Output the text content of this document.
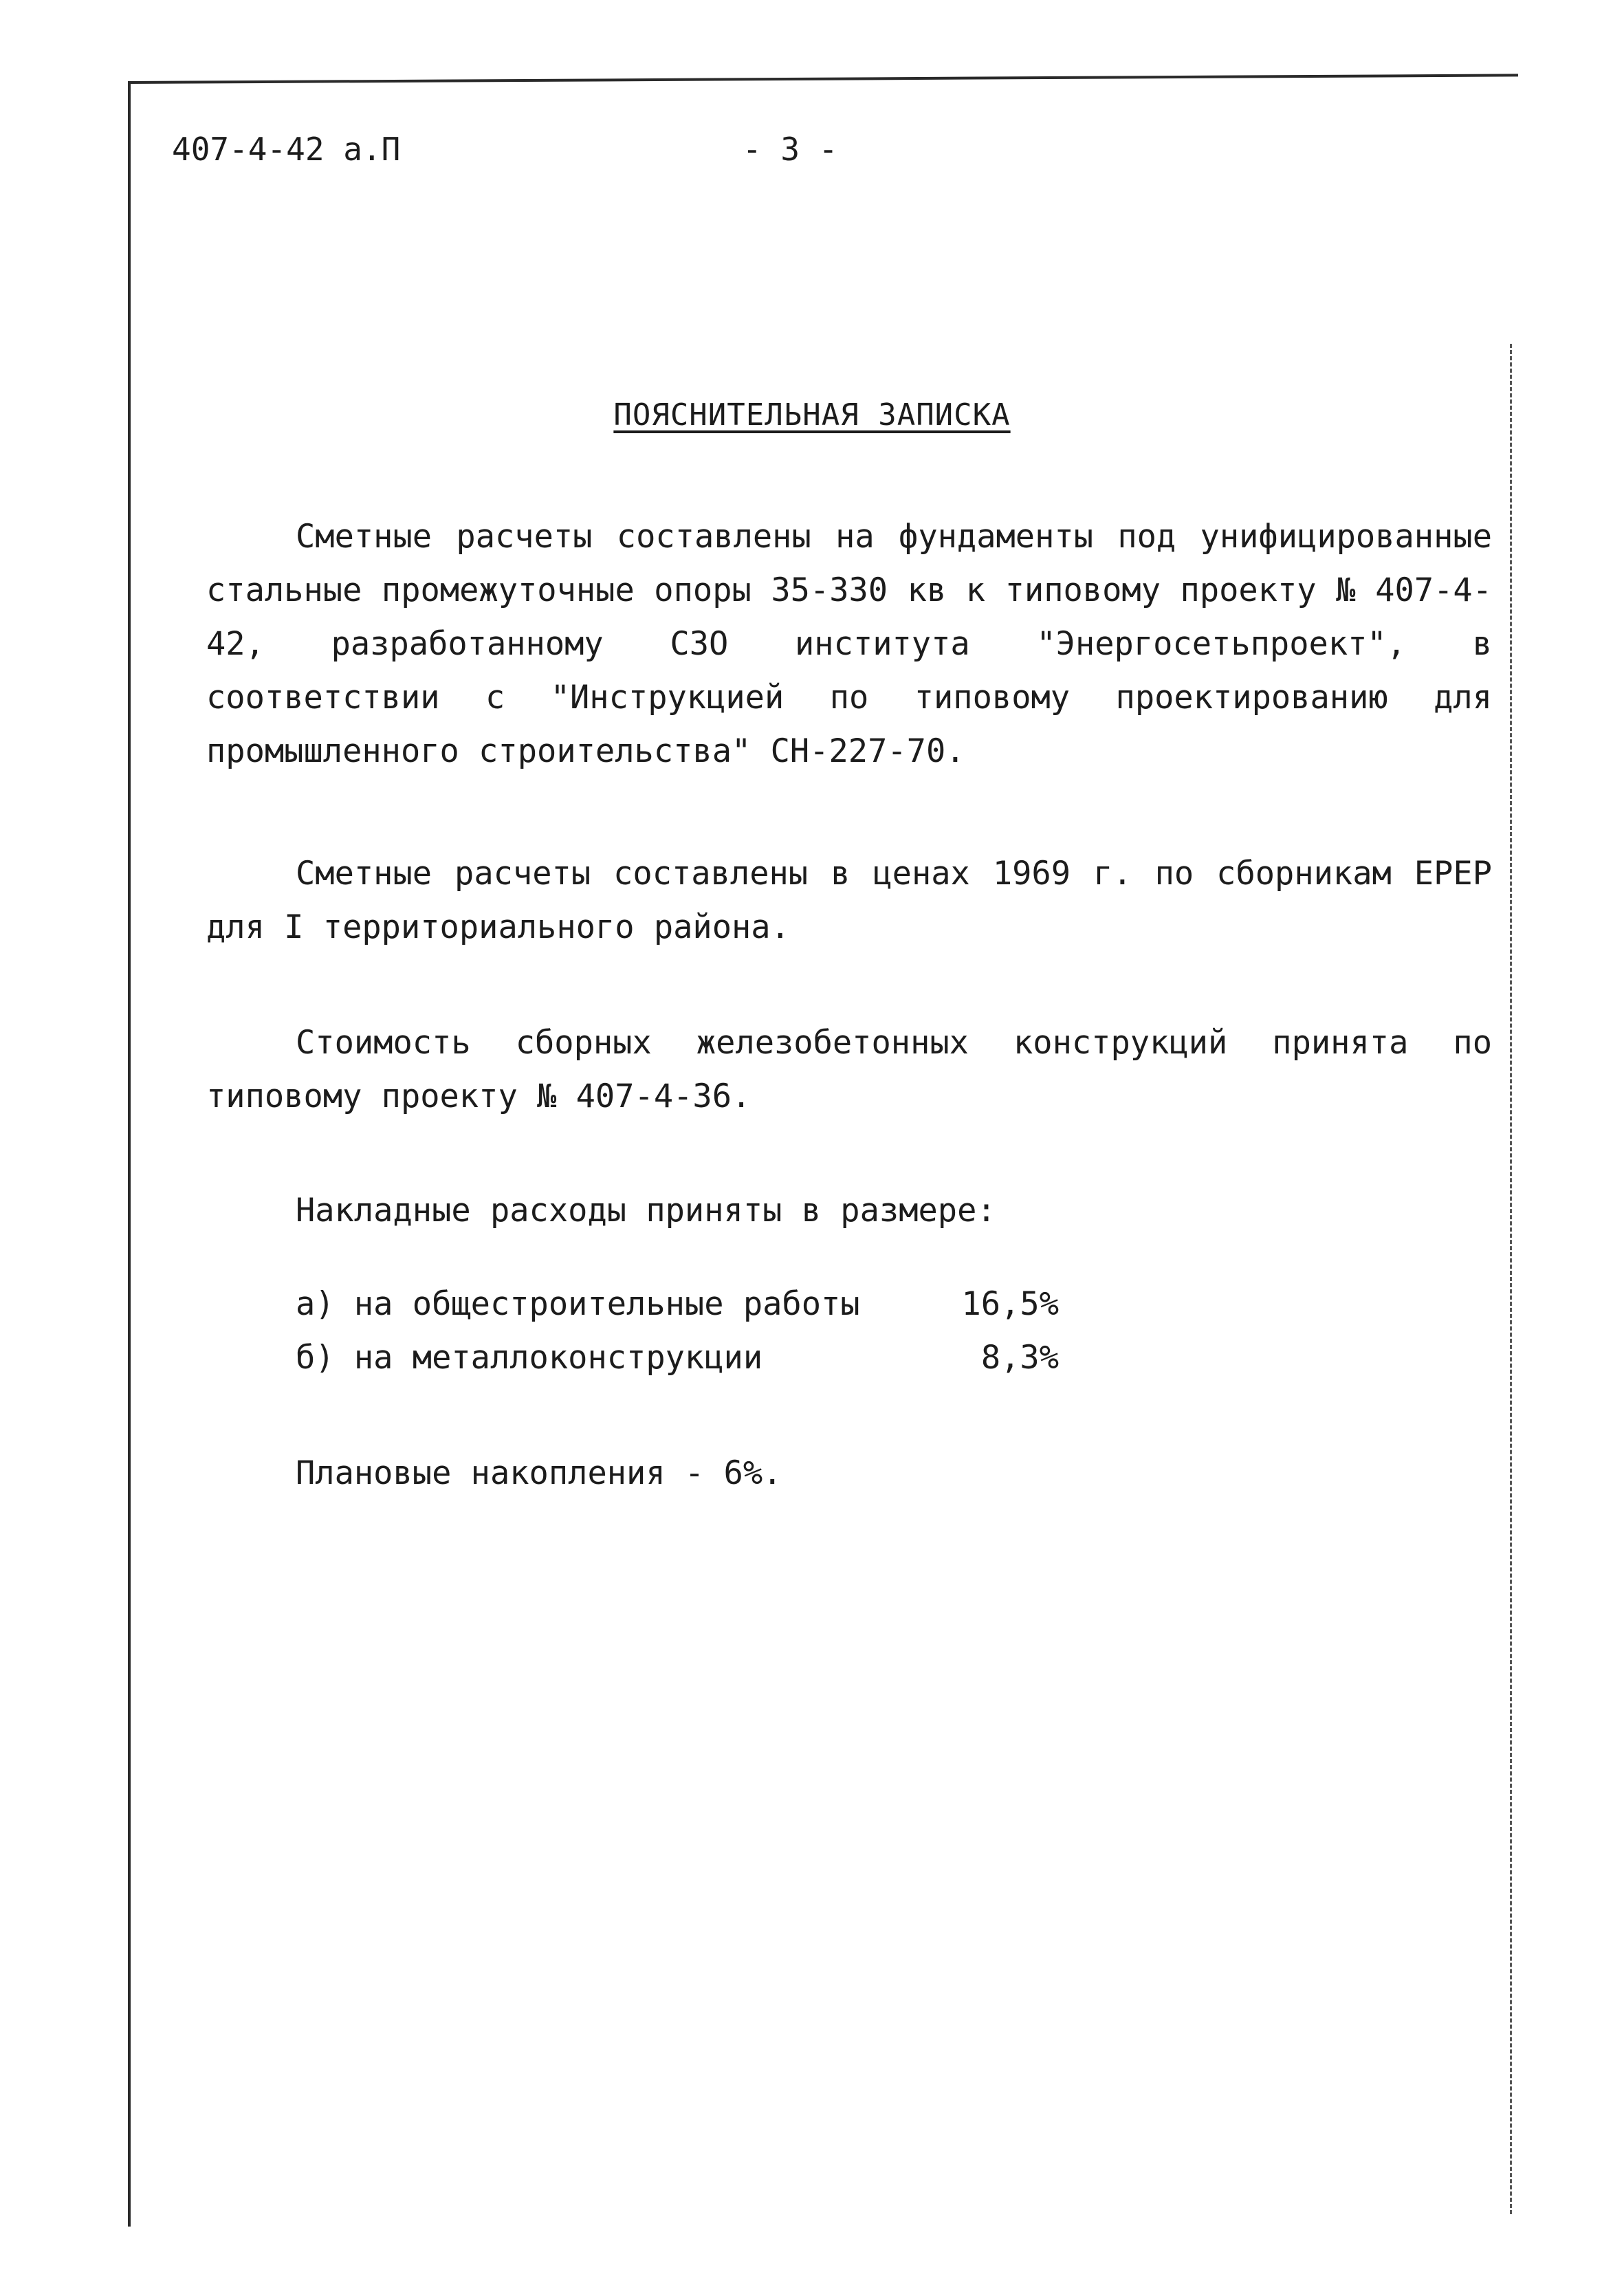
407-4-42 а.П	- 3 -
ПОЯСНИТЕЛЬНАЯ ЗАПИСКА

Сметные расчеты составлены на фундаменты под унифицированные стальные промежуточные опоры 35-330 кв к типовому проекту № 407-4-42, разработанному СЗО института "Энергосетьпроект", в соответствии с "Инструкцией по типовому проектированию для промышленного строительства" СН-227-70.

Сметные расчеты составлены в ценах 1969 г. по сборникам ЕРЕР для I территориального района.

Стоимость сборных железобетонных конструкций принята по типовому проекту № 407-4-36.

Накладные расходы приняты в размере:

а) на общестроительные работы	16,5%
б) на металлоконструкции	8,3%

Плановые накопления - 6%.
